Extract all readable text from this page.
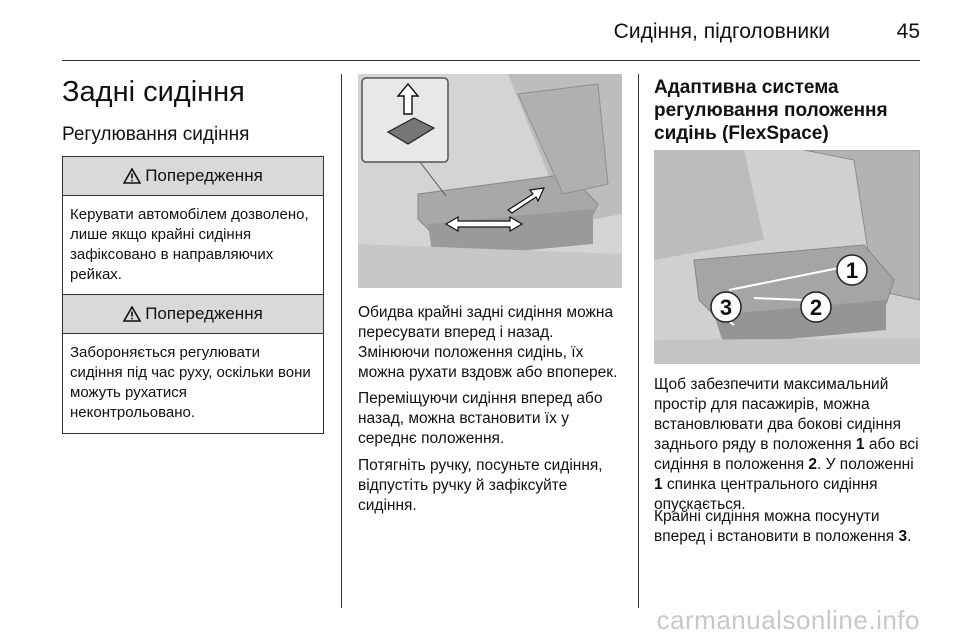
Сидіння, підголовники	45
Задні сидіння
Регулювання сидіння
Попередження
Керувати автомобілем дозволено, лише якщо крайні сидіння зафіксовано в направляючих рейках.
Попередження
Забороняється регулювати сидіння під час руху, оскільки вони можуть рухатися неконтрольовано.

Обидва крайні задні сидіння можна пересувати вперед і назад. Змінюючи положення сидінь, їх можна рухати вздовж або впоперек.

Переміщуючи сидіння вперед або назад, можна встановити їх у середнє положення.

Потягніть ручку, посуньте сидіння, відпустіть ручку й зафіксуйте сидіння.

Адаптивна система регулювання положення сидінь (FlexSpace)
1
2
3

Щоб забезпечити максимальний простір для пасажирів, можна встановлювати два бокові сидіння заднього ряду в положення 1 або всі сидіння в положення 2. У положенні 1 спинка центрального сидіння опускається.

Крайні сидіння можна посунути вперед і встановити в положення 3.

carmanualsonline.info
